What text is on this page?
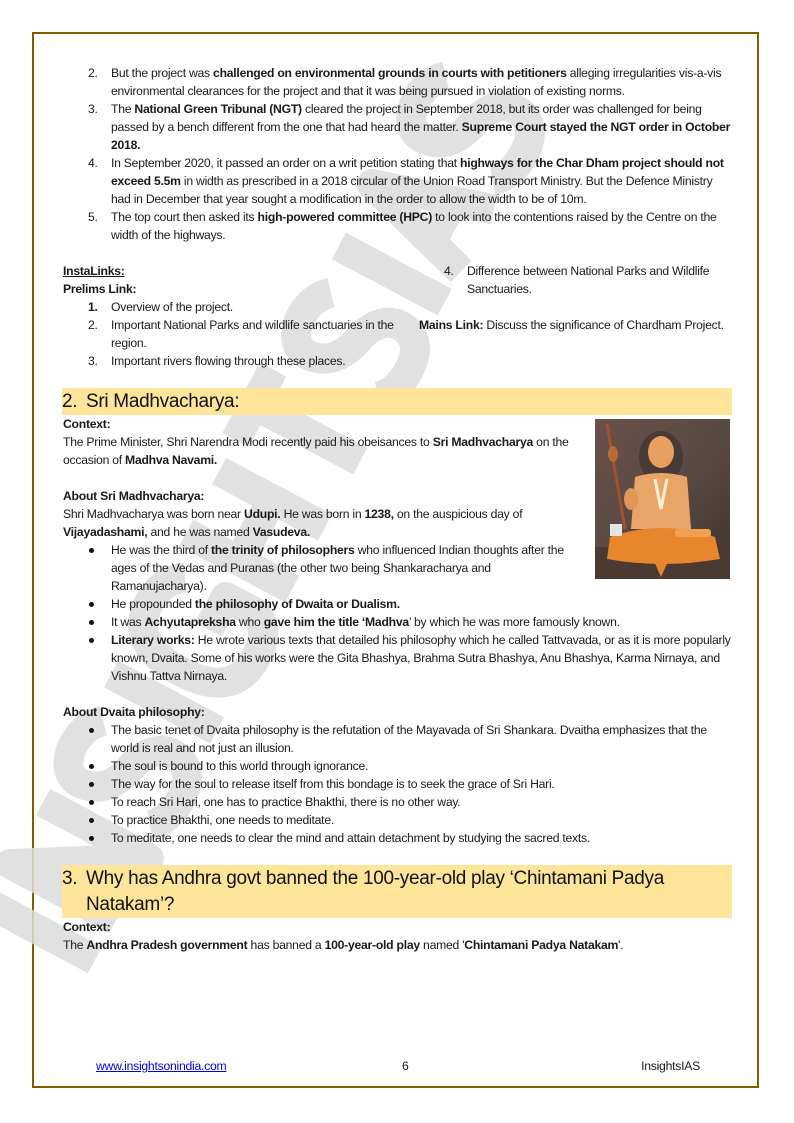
2. But the project was challenged on environmental grounds in courts with petitioners alleging irregularities vis-a-vis environmental clearances for the project and that it was being pursued in violation of existing norms.
3. The National Green Tribunal (NGT) cleared the project in September 2018, but its order was challenged for being passed by a bench different from the one that had heard the matter. Supreme Court stayed the NGT order in October 2018.
4. In September 2020, it passed an order on a writ petition stating that highways for the Char Dham project should not exceed 5.5m in width as prescribed in a 2018 circular of the Union Road Transport Ministry. But the Defence Ministry had in December that year sought a modification in the order to allow the width to be of 10m.
5. The top court then asked its high-powered committee (HPC) to look into the contentions raised by the Centre on the width of the highways.
InstaLinks:
Prelims Link:
1. Overview of the project.
2. Important National Parks and wildlife sanctuaries in the region.
3. Important rivers flowing through these places.
4. Difference between National Parks and Wildlife Sanctuaries.
Mains Link: Discuss the significance of Chardham Project.
2. Sri Madhvacharya:
Context:

The Prime Minister, Shri Narendra Modi recently paid his obeisances to Sri Madhvacharya on the occasion of Madhva Navami.

About Sri Madhvacharya:

Shri Madhvacharya was born near Udupi. He was born in 1238, on the auspicious day of Vijayadashami, and he was named Vasudeva.

He was the third of the trinity of philosophers who influenced Indian thoughts after the ages of the Vedas and Puranas (the other two being Shankaracharya and Ramanujacharya).
He propounded the philosophy of Dwaita or Dualism.
It was Achyutapreksha who gave him the title ‘Madhva’ by which he was more famously known.
Literary works: He wrote various texts that detailed his philosophy which he called Tattvavada, or as it is more popularly known, Dvaita. Some of his works were the Gita Bhashya, Brahma Sutra Bhashya, Anu Bhashya, Karma Nirnaya, and Vishnu Tattva Nirnaya.
About Dvaita philosophy:
The basic tenet of Dvaita philosophy is the refutation of the Mayavada of Sri Shankara. Dvaitha emphasizes that the world is real and not just an illusion.
The soul is bound to this world through ignorance.
The way for the soul to release itself from this bondage is to seek the grace of Sri Hari.
To reach Sri Hari, one has to practice Bhakthi, there is no other way.
To practice Bhakthi, one needs to meditate.
To meditate, one needs to clear the mind and attain detachment by studying the sacred texts.
3. Why has Andhra govt banned the 100-year-old play ‘Chintamani Padya Natakam’?
Context:

The Andhra Pradesh government has banned a 100-year-old play named 'Chintamani Padya Natakam'.

www.insightsonindia.com	6	InsightsIAS
